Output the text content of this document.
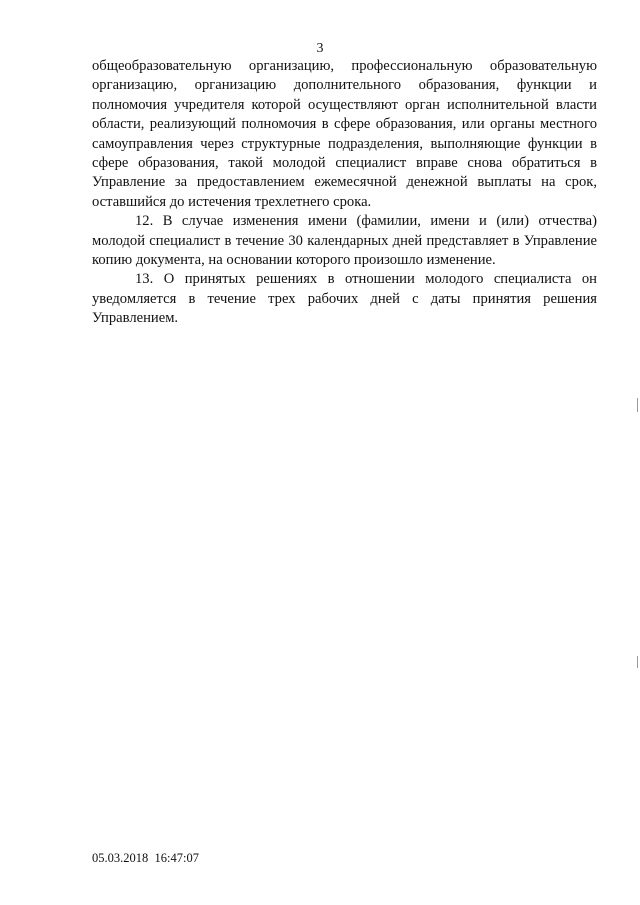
3

общеобразовательную организацию, профессиональную образовательную организацию, организацию дополнительного образования, функции и полномочия учредителя которой осуществляют орган исполнительной власти области, реализующий полномочия в сфере образования, или органы местного самоуправления через структурные подразделения, выполняющие функции в сфере образования, такой молодой специалист вправе снова обратиться в Управление за предоставлением ежемесячной денежной выплаты на срок, оставшийся до истечения трехлетнего срока.

12. В случае изменения имени (фамилии, имени и (или) отчества) молодой специалист в течение 30 календарных дней представляет в Управление копию документа, на основании которого произошло изменение.

13. О принятых решениях в отношении молодого специалиста он уведомляется в течение трех рабочих дней с даты принятия решения Управлением.

05.03.2018  16:47:07
